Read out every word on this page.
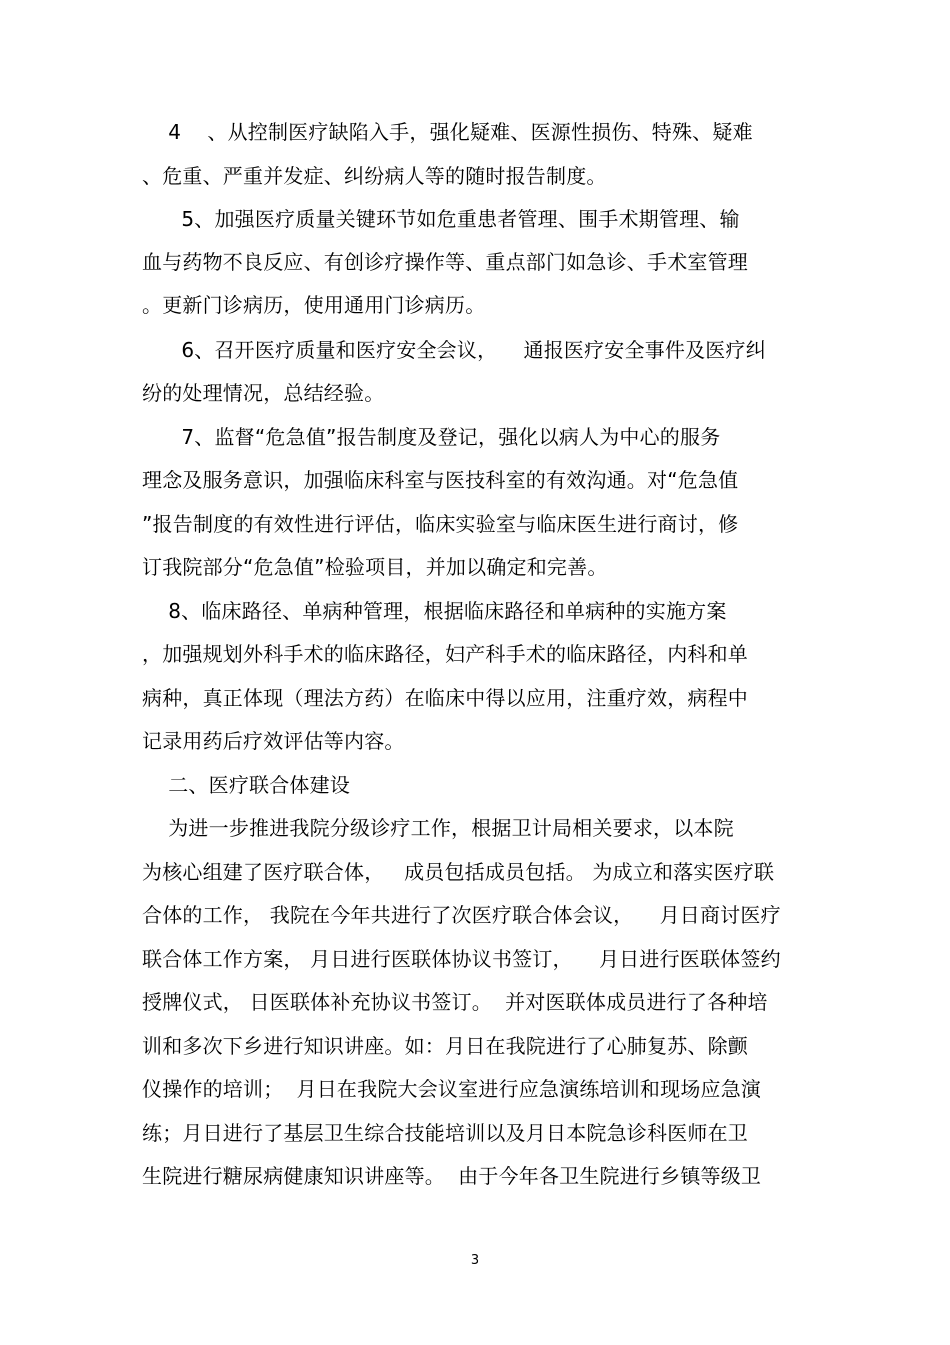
4    、从控制医疗缺陷入手，强化疑难、医源性损伤、特殊、疑难
、危重、严重并发症、纠纷病人等的随时报告制度。
5、加强医疗质量关键环节如危重患者管理、围手术期管理、输
血与药物不良反应、有创诊疗操作等、重点部门如急诊、手术室管理
。更新门诊病历，使用通用门诊病历。
6、召开医疗质量和医疗安全会议，    通报医疗安全事件及医疗纠
纷的处理情况，总结经验。
7、监督“危急值”报告制度及登记，强化以病人为中心的服务
理念及服务意识，加强临床科室与医技科室的有效沟通。对“危急值
”报告制度的有效性进行评估，临床实验室与临床医生进行商讨，修
订我院部分“危急值”检验项目，并加以确定和完善。
8、临床路径、单病种管理，根据临床路径和单病种的实施方案
，加强规划外科手术的临床路径，妇产科手术的临床路径，内科和单
病种，真正体现（理法方药）在临床中得以应用，注重疗效，病程中
记录用药后疗效评估等内容。
二、医疗联合体建设
为进一步推进我院分级诊疗工作，根据卫计局相关要求，以本院
为核心组建了医疗联合体，   成员包括成员包括。 为成立和落实医疗联
合体的工作， 我院在今年共进行了次医疗联合体会议，    月日商讨医疗
联合体工作方案， 月日进行医联体协议书签订，    月日进行医联体签约
授牌仪式， 日医联体补充协议书签订。  并对医联体成员进行了各种培
训和多次下乡进行知识讲座。如：月日在我院进行了心肺复苏、除颤
仪操作的培训；  月日在我院大会议室进行应急演练培训和现场应急演
练；月日进行了基层卫生综合技能培训以及月日本院急诊科医师在卫
生院进行糖尿病健康知识讲座等。  由于今年各卫生院进行乡镇等级卫
3
